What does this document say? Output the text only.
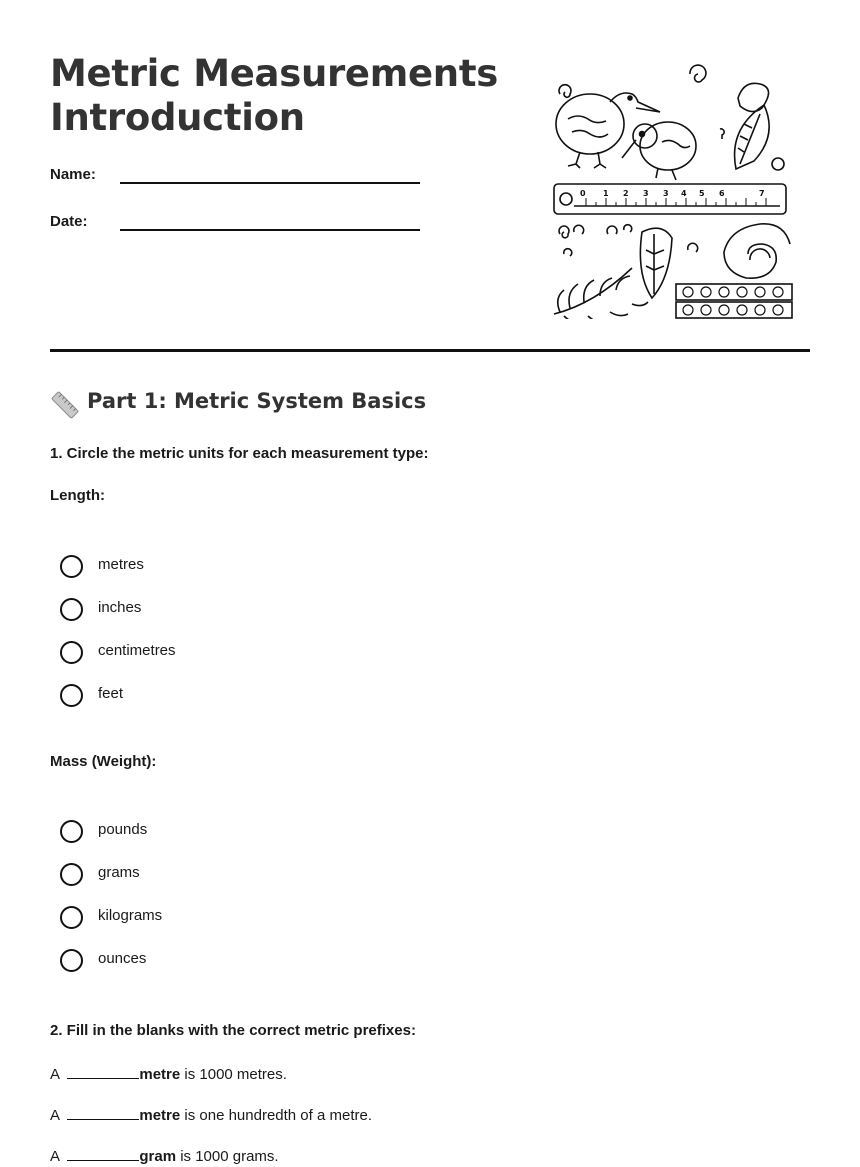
Metric Measurements
Introduction
Name:
Date:
0 1 2 3 3 4 5 6	7
Part 1: Metric System Basics
1. Circle the metric units for each measurement type:
Length:
metres
inches
centimetres
feet
Mass (Weight):
pounds
grams
kilograms
ounces
2. Fill in the blanks with the correct metric prefixes:
A	metre is 1000 metres.
A	metre is one hundredth of a metre.
A	gram is 1000 grams.
